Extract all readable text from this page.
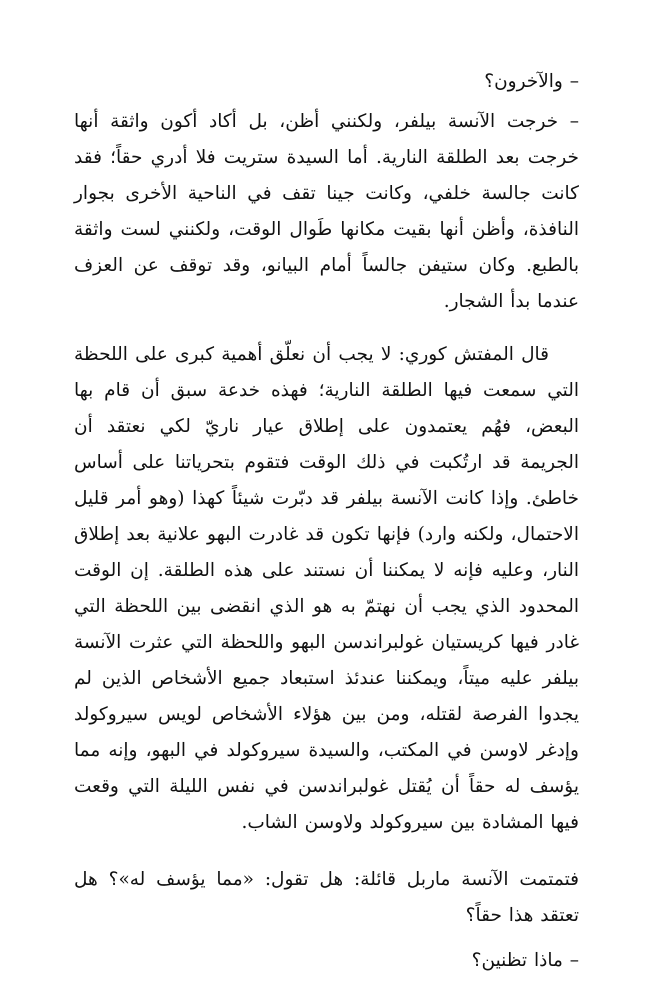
– والآخرون؟

– خرجت الآنسة بيلفر، ولكنني أظن، بل أكاد أكون واثقة أنها خرجت بعد الطلقة النارية. أما السيدة ستريت فلا أدري حقاً؛ فقد كانت جالسة خلفي، وكانت جينا تقف في الناحية الأخرى بجوار النافذة، وأظن أنها بقيت مكانها طَوال الوقت، ولكنني لست واثقة بالطبع. وكان ستيفن جالساً أمام البيانو، وقد توقف عن العزف عندما بدأ الشجار.

قال المفتش كوري: لا يجب أن نعلّق أهمية كبرى على اللحظة التي سمعت فيها الطلقة النارية؛ فهذه خدعة سبق أن قام بها البعض، فهُم يعتمدون على إطلاق عيار ناريّ لكي نعتقد أن الجريمة قد ارتُكبت في ذلك الوقت فتقوم بتحرياتنا على أساس خاطئ. وإذا كانت الآنسة بيلفر قد دبّرت شيئاً كهذا (وهو أمر قليل الاحتمال، ولكنه وارد) فإنها تكون قد غادرت البهو علانية بعد إطلاق النار، وعليه فإنه لا يمكننا أن نستند على هذه الطلقة. إن الوقت المحدود الذي يجب أن نهتمّ به هو الذي انقضى بين اللحظة التي غادر فيها كريستيان غولبراندسن البهو واللحظة التي عثرت الآنسة بيلفر عليه ميتاً، ويمكننا عندئذ استبعاد جميع الأشخاص الذين لم يجدوا الفرصة لقتله، ومن بين هؤلاء الأشخاص لويس سيروكولد وإدغر لاوسن في المكتب، والسيدة سيروكولد في البهو، وإنه مما يؤسف له حقاً أن يُقتل غولبراندسن في نفس الليلة التي وقعت فيها المشادة بين سيروكولد ولاوسن الشاب.

فتمتمت الآنسة ماربل قائلة: هل تقول: «مما يؤسف له»؟ هل تعتقد هذا حقاً؟

– ماذا تظنين؟
